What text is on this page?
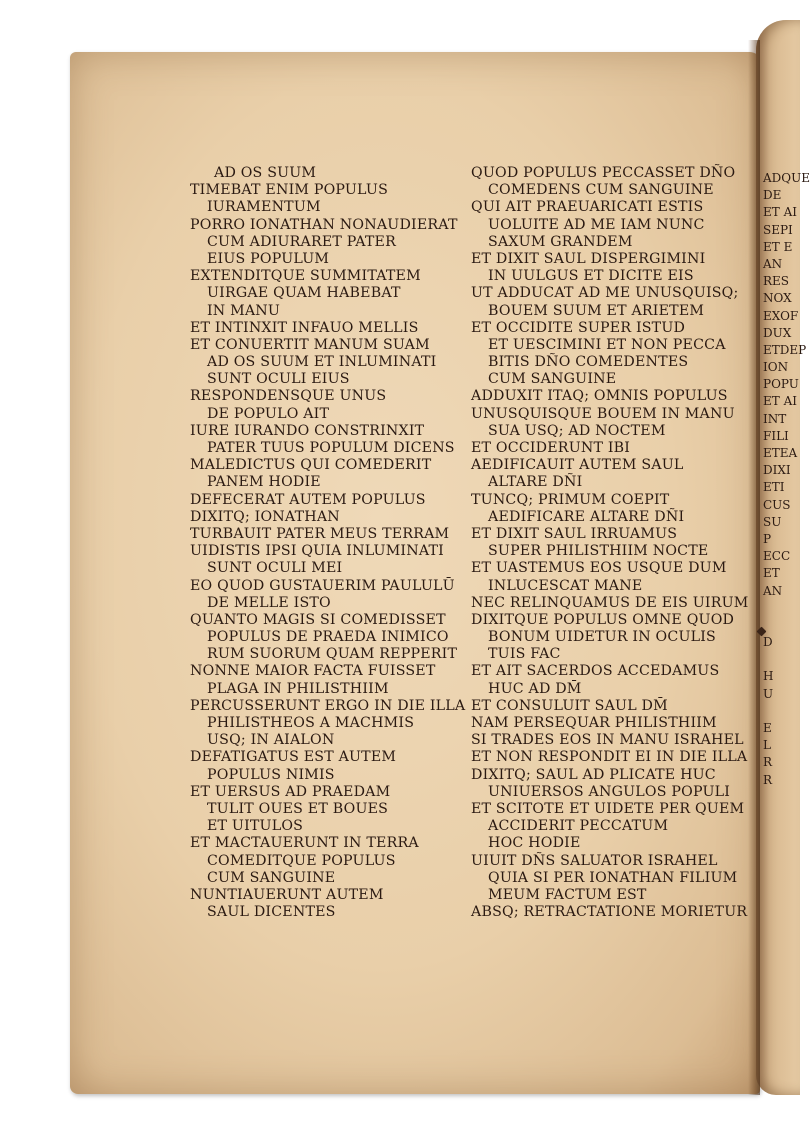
ADQUE
DE
ET AI
SEPI
ET E
AN
RES
NOX
EXOF
DUX
ETDEP
ION
POPU
ET AI
INT
FILI
ETEA
DIXI
ETI
CUS
SU
P
ECC
ET
AN
D
H
U
E
L
R
R
AD OS SUUM
TIMEBAT ENIM POPULUS
IURAMENTUM
PORRO IONATHAN NONAUDIERAT
CUM ADIURARET PATER
EIUS POPULUM
EXTENDITQUE SUMMITATEM
UIRGAE QUAM HABEBAT
IN MANU
ET INTINXIT INFAUO MELLIS
ET CONUERTIT MANUM SUAM
AD OS SUUM ET INLUMINATI
SUNT OCULI EIUS
RESPONDENSQUE UNUS
DE POPULO AIT
IURE IURANDO CONSTRINXIT
PATER TUUS POPULUM DICENS
MALEDICTUS QUI COMEDERIT
PANEM HODIE
DEFECERAT AUTEM POPULUS
DIXITQ; IONATHAN
TURBAUIT PATER MEUS TERRAM
UIDISTIS IPSI QUIA INLUMINATI
SUNT OCULI MEI
EO QUOD GUSTAUERIM PAULULŪ
DE MELLE ISTO
QUANTO MAGIS SI COMEDISSET
POPULUS DE PRAEDA INIMICO
RUM SUORUM QUAM REPPERIT
NONNE MAIOR FACTA FUISSET
PLAGA IN PHILISTHIIM
PERCUSSERUNT ERGO IN DIE ILLA
PHILISTHEOS A MACHMIS
USQ; IN AIALON
DEFATIGATUS EST AUTEM
POPULUS NIMIS
ET UERSUS AD PRAEDAM
TULIT OUES ET BOUES
ET UITULOS
ET MACTAUERUNT IN TERRA
COMEDITQUE POPULUS
CUM SANGUINE
NUNTIAUERUNT AUTEM
SAUL DICENTES
QUOD POPULUS PECCASSET DÑO
COMEDENS CUM SANGUINE
QUI AIT PRAEUARICATI ESTIS
UOLUITE AD ME IAM NUNC
SAXUM GRANDEM
ET DIXIT SAUL DISPERGIMINI
IN UULGUS ET DICITE EIS
UT ADDUCAT AD ME UNUSQUISQ;
BOUEM SUUM ET ARIETEM
ET OCCIDITE SUPER ISTUD
ET UESCIMINI ET NON PECCA
BITIS DÑO COMEDENTES
CUM SANGUINE
ADDUXIT ITAQ; OMNIS POPULUS
UNUSQUISQUE BOUEM IN MANU
SUA USQ; AD NOCTEM
ET OCCIDERUNT IBI
AEDIFICAUIT AUTEM SAUL
ALTARE DÑI
TUNCQ; PRIMUM COEPIT
AEDIFICARE ALTARE DÑI
ET DIXIT SAUL IRRUAMUS
SUPER PHILISTHIIM NOCTE
ET UASTEMUS EOS USQUE DUM
INLUCESCAT MANE
NEC RELINQUAMUS DE EIS UIRUM
DIXITQUE POPULUS OMNE QUOD
BONUM UIDETUR IN OCULIS
TUIS FAC
ET AIT SACERDOS ACCEDAMUS
HUC AD DM̄
ET CONSULUIT SAUL DM̄
NAM PERSEQUAR PHILISTHIIM
SI TRADES EOS IN MANU ISRAHEL
ET NON RESPONDIT EI IN DIE ILLA
DIXITQ; SAUL AD PLICATE HUC
UNIUERSOS ANGULOS POPULI
ET SCITOTE ET UIDETE PER QUEM
ACCIDERIT PECCATUM
HOC HODIE
UIUIT DÑS SALUATOR ISRAHEL
QUIA SI PER IONATHAN FILIUM
MEUM FACTUM EST
ABSQ; RETRACTATIONE MORIETUR
